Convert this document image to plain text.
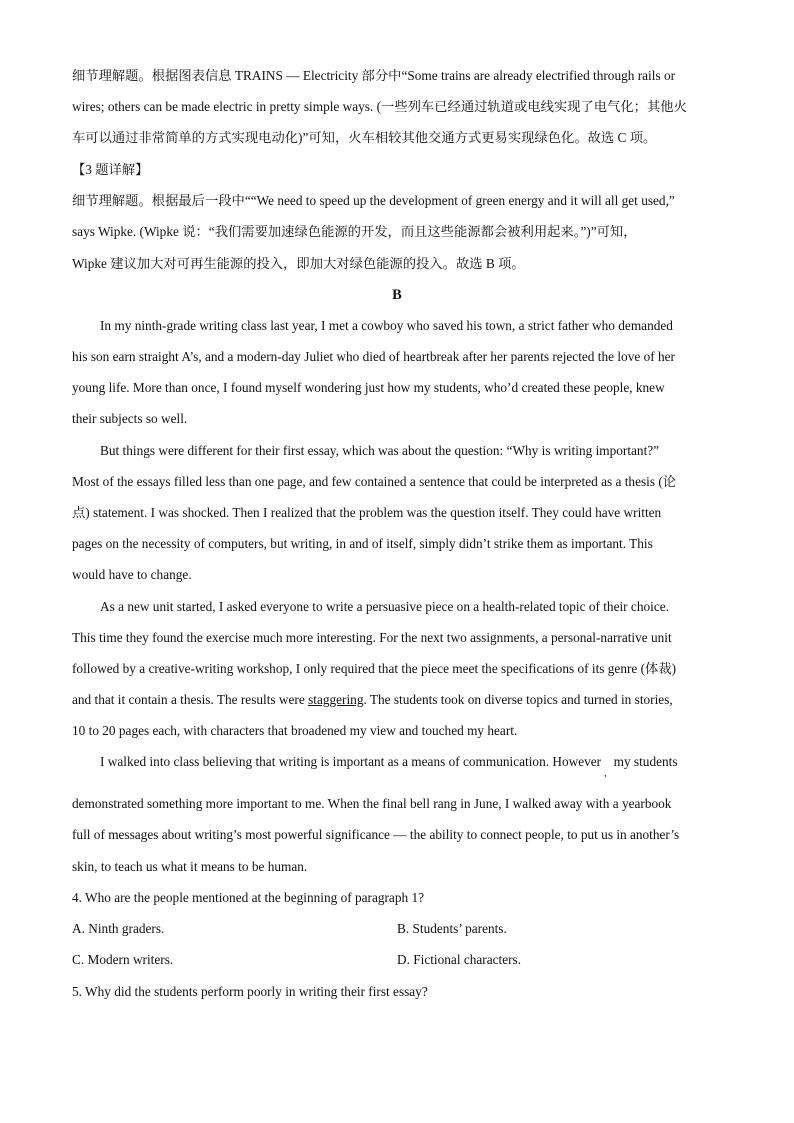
细节理解题。根据图表信息 TRAINS — Electricity 部分中“Some trains are already electrified through rails or
wires; others can be made electric in pretty simple ways. (一些列车已经通过轨道或电线实现了电气化；其他火
车可以通过非常简单的方式实现电动化)”可知，火车相较其他交通方式更易实现绿色化。故选 C 项。
【3 题详解】
细节理解题。根据最后一段中““We need to speed up the development of green energy and it will all get used,”
says Wipke. (Wipke 说：“我们需要加速绿色能源的开发，而且这些能源都会被利用起来。”)”可知，
Wipke 建议加大对可再生能源的投入，即加大对绿色能源的投入。故选 B 项。
B
In my ninth-grade writing class last year, I met a cowboy who saved his town, a strict father who demanded
his son earn straight A’s, and a modern-day Juliet who died of heartbreak after her parents rejected the love of her
young life. More than once, I found myself wondering just how my students, who’d created these people, knew
their subjects so well.
But things were different for their first essay, which was about the question: “Why is writing important?”
Most of the essays filled less than one page, and few contained a sentence that could be interpreted as a thesis (论
点) statement. I was shocked. Then I realized that the problem was the question itself. They could have written
pages on the necessity of computers, but writing, in and of itself, simply didn’t strike them as important. This
would have to change.
As a new unit started, I asked everyone to write a persuasive piece on a health-related topic of their choice.
This time they found the exercise much more interesting. For the next two assignments, a personal-narrative unit
followed by a creative-writing workshop, I only required that the piece meet the specifications of its genre (体裁)
and that it contain a thesis. The results were staggering. The students took on diverse topics and turned in stories,
10 to 20 pages each, with characters that broadened my view and touched my heart.
I walked into class believing that writing is important as a means of communication. However$_,$my students
demonstrated something more important to me. When the final bell rang in June, I walked away with a yearbook
full of messages about writing’s most powerful significance — the ability to connect people, to put us in another’s
skin, to teach us what it means to be human.
4. Who are the people mentioned at the beginning of paragraph 1?
A. Ninth graders.	B. Students’ parents.
C. Modern writers.	D. Fictional characters.
5. Why did the students perform poorly in writing their first essay?
